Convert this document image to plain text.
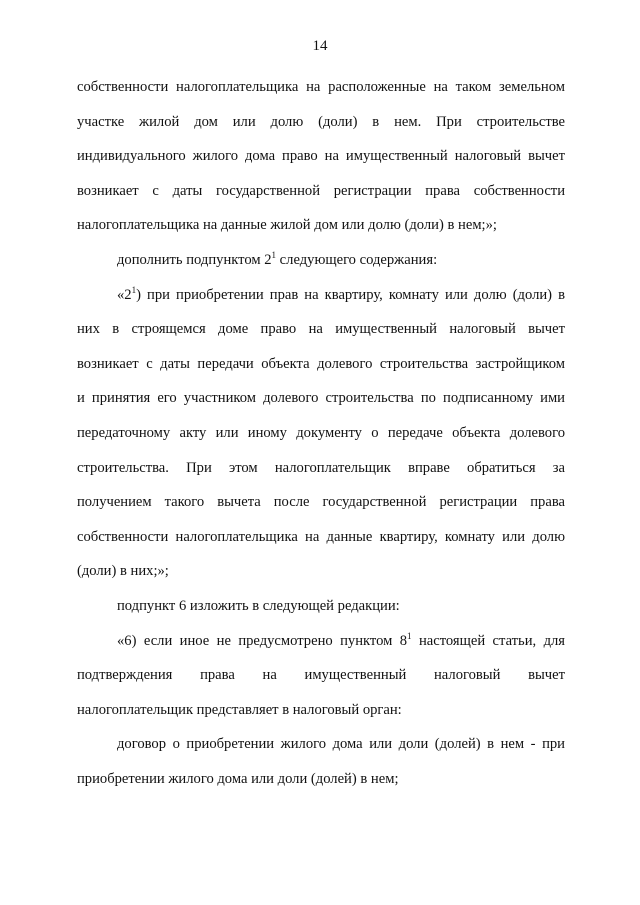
14
собственности налогоплательщика на расположенные на таком земельном
участке жилой дом или долю (доли) в нем. При строительстве
индивидуального жилого дома право на имущественный налоговый вычет
возникает с даты государственной регистрации права собственности
налогоплательщика на данные жилой дом или долю (доли) в нем;»;
дополнить подпунктом $2^1$ следующего содержания:
«$2^1$) при приобретении прав на квартиру, комнату или долю (доли) в
них в строящемся доме право на имущественный налоговый вычет
возникает с даты передачи объекта долевого строительства застройщиком
и принятия его участником долевого строительства по подписанному ими
передаточному акту или иному документу о передаче объекта долевого
строительства. При этом налогоплательщик вправе обратиться за
получением такого вычета после государственной регистрации права
собственности налогоплательщика на данные квартиру, комнату или долю
(доли) в них;»;
подпункт 6 изложить в следующей редакции:
«6) если иное не предусмотрено пунктом $8^1$ настоящей статьи, для
подтверждения права на имущественный налоговый вычет
налогоплательщик представляет в налоговый орган:
договор о приобретении жилого дома или доли (долей) в нем - при
приобретении жилого дома или доли (долей) в нем;
